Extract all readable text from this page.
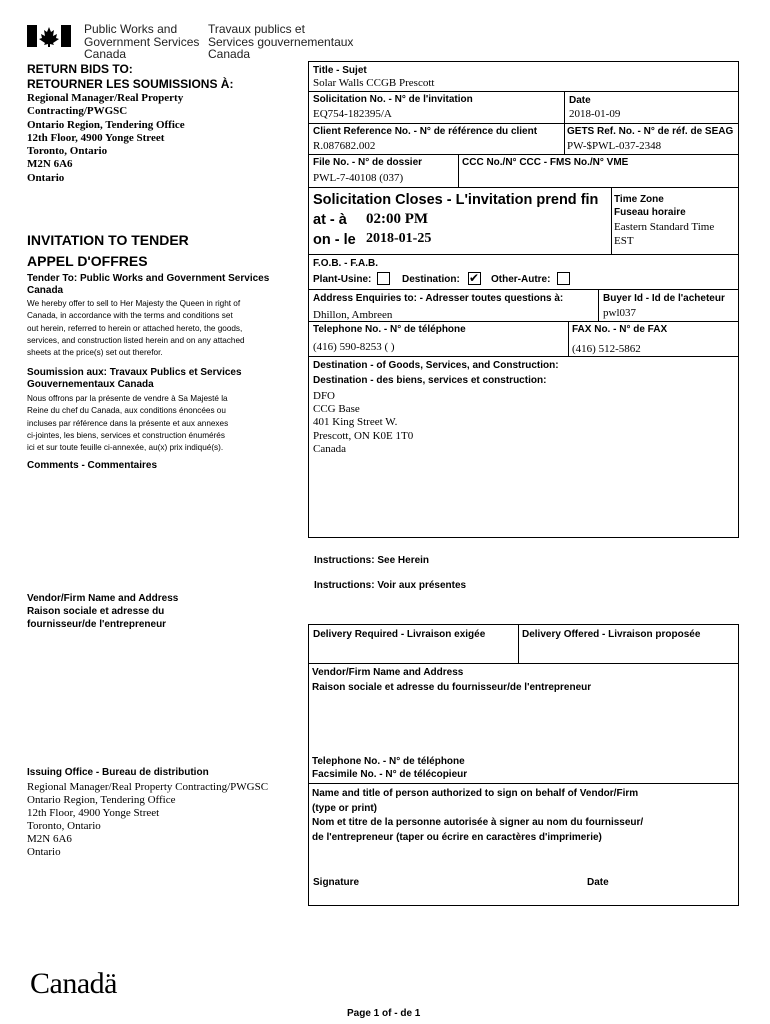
Public Works and
Government Services
Canada
Travaux publics et
Services gouvernementaux
Canada
RETURN BIDS TO:
RETOURNER LES SOUMISSIONS À:
Regional Manager/Real Property
Contracting/PWGSC
Ontario Region, Tendering Office
12th Floor, 4900 Yonge Street
Toronto, Ontario
M2N 6A6
Ontario
INVITATION TO TENDER
APPEL D'OFFRES
Tender To: Public Works and Government Services
Canada
We hereby offer to sell to Her Majesty the Queen in right of
Canada, in accordance with the terms and conditions set
out herein, referred to herein or attached hereto, the goods,
services, and construction listed herein and on any attached
sheets at the price(s) set out therefor.
Soumission aux: Travaux Publics et Services
Gouvernementaux Canada
Nous offrons par la présente de vendre à Sa Majesté la
Reine du chef du Canada, aux conditions énoncées ou
incluses par référence dans la présente et aux annexes
ci-jointes, les biens, services et construction énumérés
ici et sur toute feuille ci-annexée, au(x) prix indiqué(s).
Comments - Commentaires
Vendor/Firm Name and Address
Raison sociale et adresse du
fournisseur/de l'entrepreneur
Issuing Office - Bureau de distribution
Regional Manager/Real Property Contracting/PWGSC
Ontario Region, Tendering Office
12th Floor, 4900 Yonge Street
Toronto, Ontario
M2N 6A6
Ontario
Title - Sujet
Solar Walls CCGB Prescott
Solicitation No. - N° de l'invitation
EQ754-182395/A
Date
2018-01-09
Client Reference No. - N° de référence du client
R.087682.002
GETS Ref. No. - N° de réf. de SEAG
PW-$PWL-037-2348
File No. - N° de dossier
PWL-7-40108 (037)
CCC No./N° CCC - FMS No./N° VME
Solicitation Closes - L'invitation prend fin
at - à 02:00 PM
on - le 2018-01-25
Time Zone
Fuseau horaire
Eastern Standard Time
EST
F.O.B. - F.A.B.
Plant-Usine:	Destination: ✔ Other-Autre:
Address Enquiries to: - Adresser toutes questions à:
Dhillon, Ambreen
Buyer Id - Id de l'acheteur
pwl037
Telephone No. - N° de téléphone
(416) 590-8253 ( )
FAX No. - N° de FAX
(416) 512-5862
Destination - of Goods, Services, and Construction:
Destination - des biens, services et construction:
DFO
CCG Base
401 King Street W.
Prescott, ON K0E 1T0
Canada
Instructions: See Herein
Instructions: Voir aux présentes
Delivery Required - Livraison exigée	Delivery Offered - Livraison proposée
Vendor/Firm Name and Address
Raison sociale et adresse du fournisseur/de l'entrepreneur
Telephone No. - N° de téléphone
Facsimile No. - N° de télécopieur
Name and title of person authorized to sign on behalf of Vendor/Firm
(type or print)
Nom et titre de la personne autorisée à signer au nom du fournisseur/
de l'entrepreneur (taper ou écrire en caractères d'imprimerie)
Signature	Date
Canadä
Page 1 of - de 1
